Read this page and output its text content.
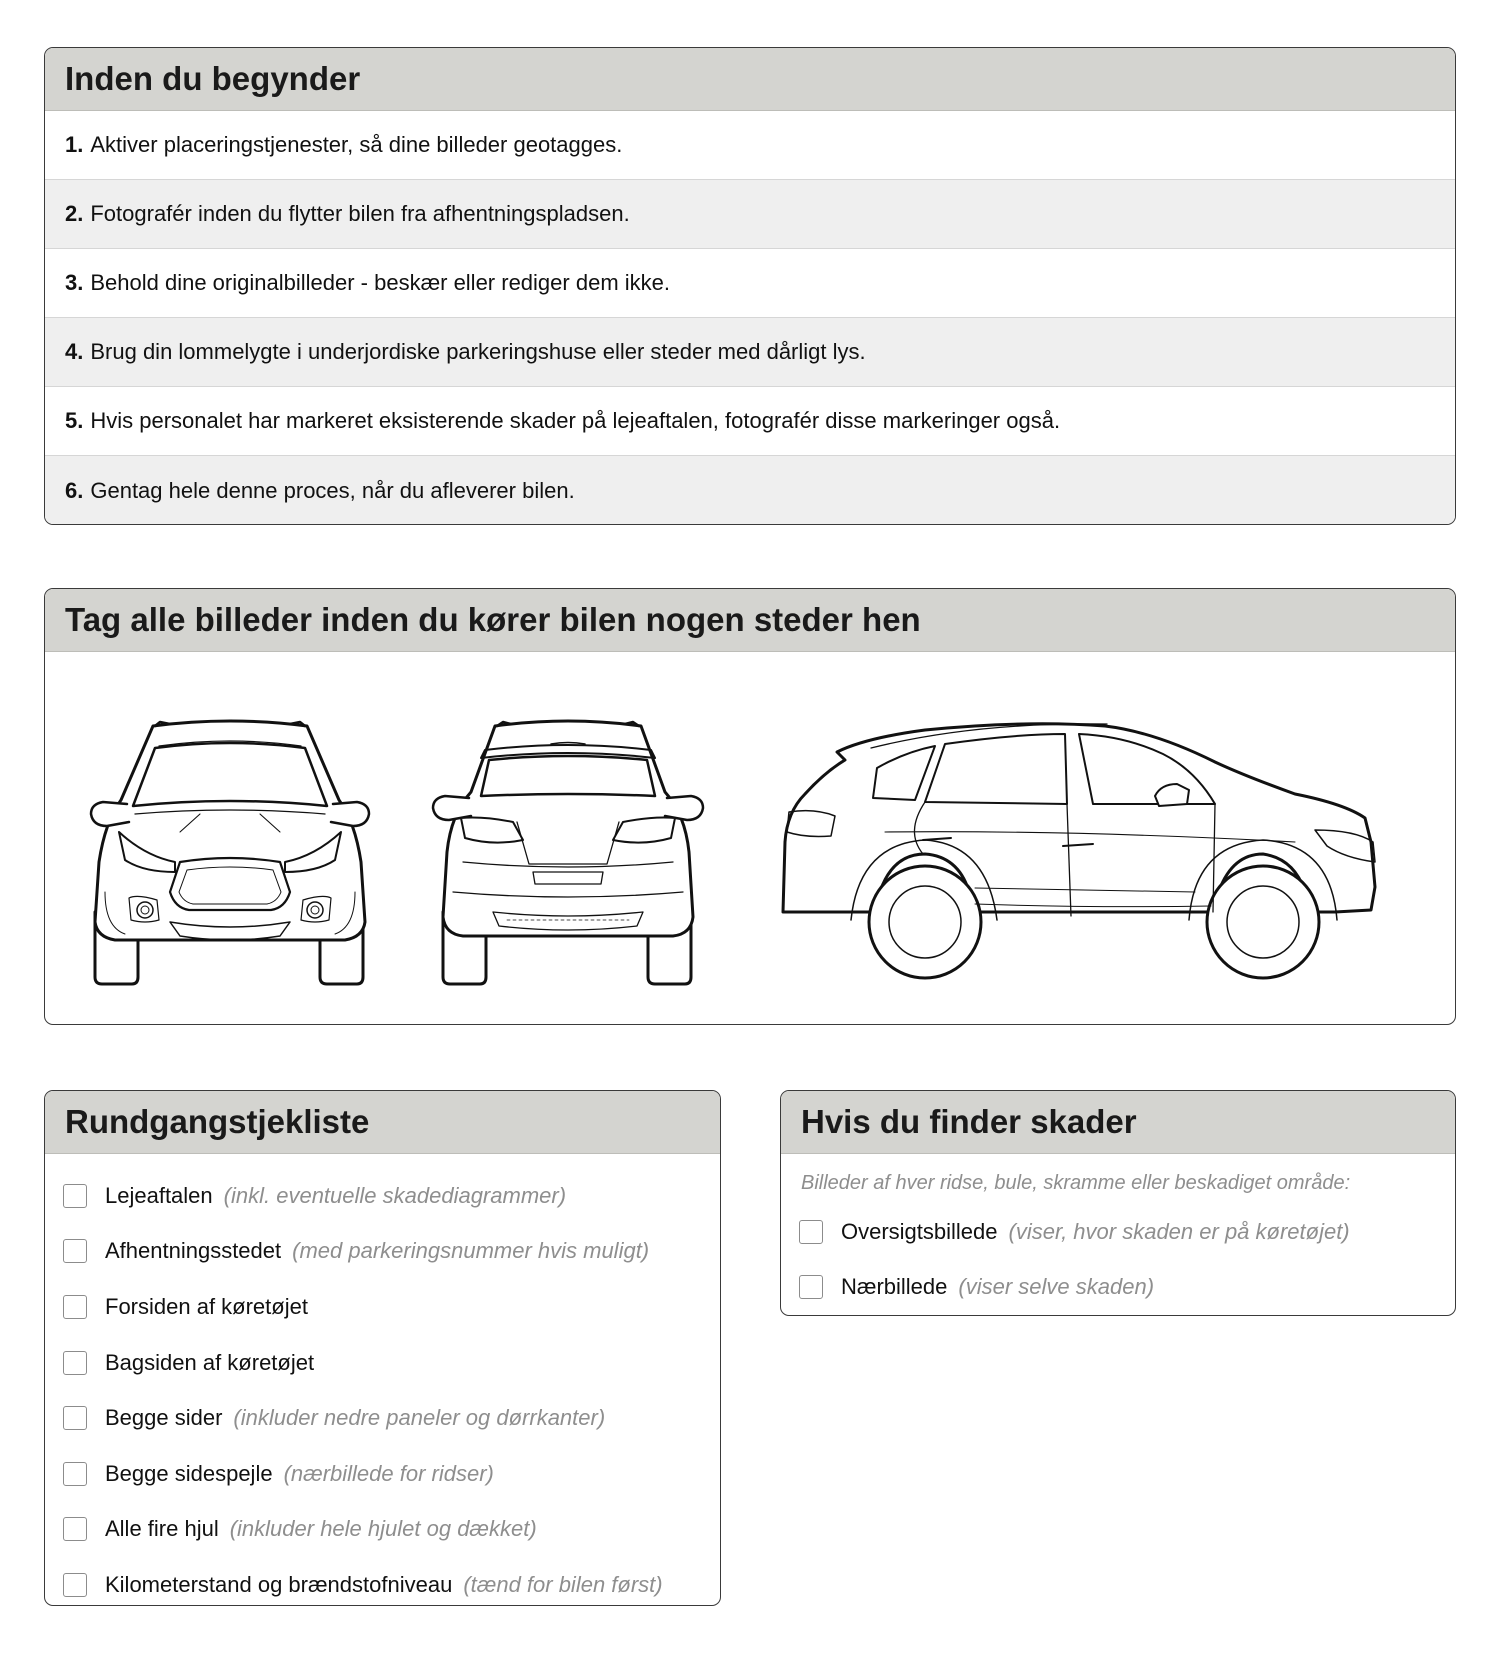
Inden du begynder
1. Aktiver placeringstjenester, så dine billeder geotagges.
2. Fotografér inden du flytter bilen fra afhentningspladsen.
3. Behold dine originalbilleder - beskær eller rediger dem ikke.
4. Brug din lommelygte i underjordiske parkeringshuse eller steder med dårligt lys.
5. Hvis personalet har markeret eksisterende skader på lejeaftalen, fotografér disse markeringer også.
6. Gentag hele denne proces, når du afleverer bilen.
Tag alle billeder inden du kører bilen nogen steder hen
Rundgangstjekliste
Lejeaftalen (inkl. eventuelle skadediagrammer)
Afhentningsstedet (med parkeringsnummer hvis muligt)
Forsiden af køretøjet
Bagsiden af køretøjet
Begge sider (inkluder nedre paneler og dørrkanter)
Begge sidespejle (nærbillede for ridser)
Alle fire hjul (inkluder hele hjulet og dækket)
Kilometerstand og brændstofniveau (tænd for bilen først)
Hvis du finder skader
Billeder af hver ridse, bule, skramme eller beskadiget område:
Oversigtsbillede (viser, hvor skaden er på køretøjet)
Nærbillede (viser selve skaden)
